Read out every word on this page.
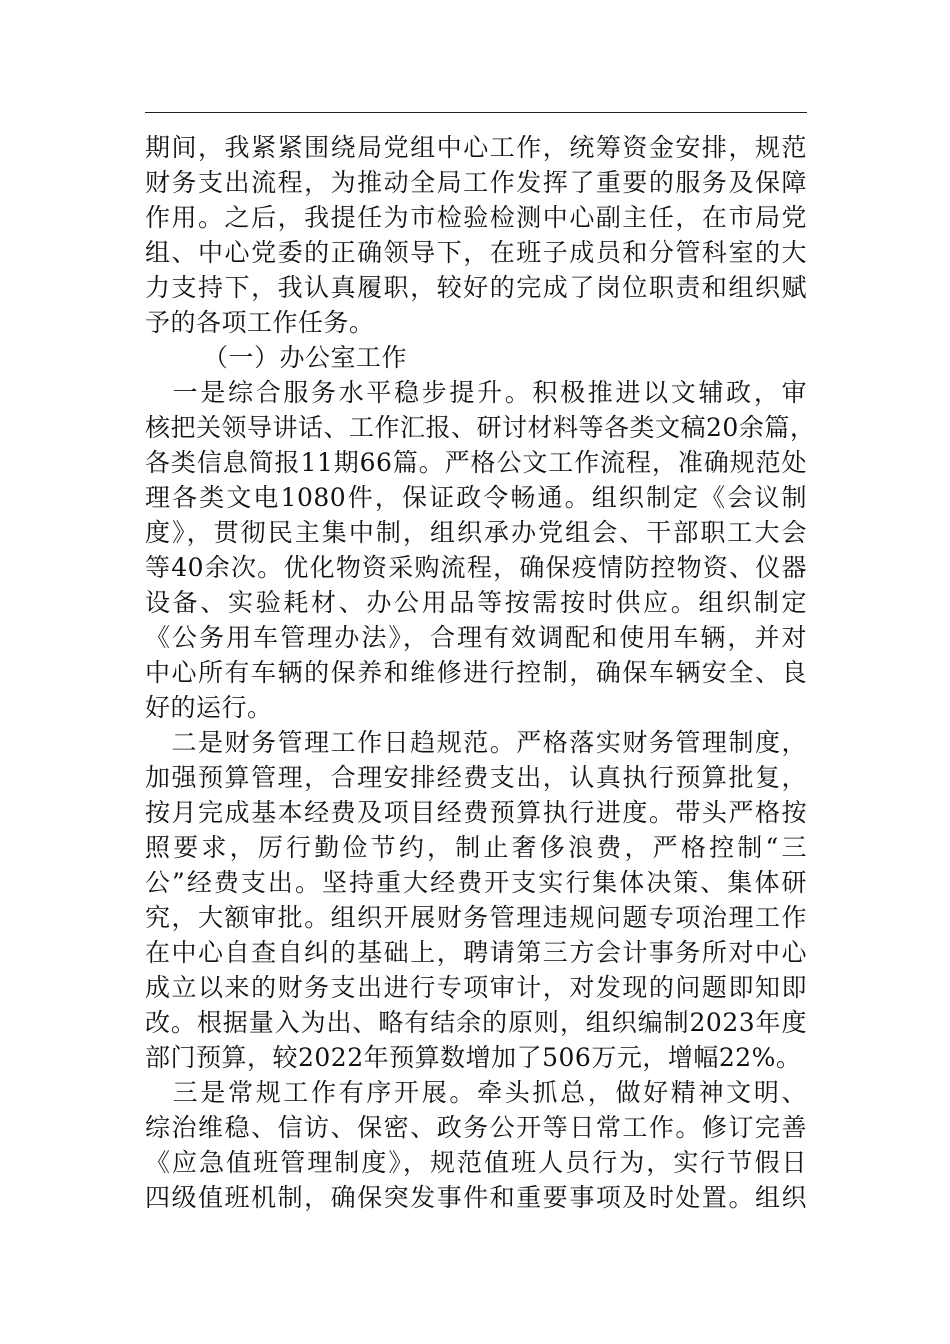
期间，我紧紧围绕局党组中心工作，统筹资金安排，规范
财务支出流程，为推动全局工作发挥了重要的服务及保障
作用。之后，我提任为市检验检测中心副主任，在市局党
组、中心党委的正确领导下，在班子成员和分管科室的大
力支持下，我认真履职，较好的完成了岗位职责和组织赋
予的各项工作任务。
（一）办公室工作
　一是综合服务水平稳步提升。积极推进以文辅政，审
核把关领导讲话、工作汇报、研讨材料等各类文稿20余篇，
各类信息简报11期66篇。严格公文工作流程，准确规范处
理各类文电1080件，保证政令畅通。组织制定《会议制
度》，贯彻民主集中制，组织承办党组会、干部职工大会
等40余次。优化物资采购流程，确保疫情防控物资、仪器
设备、实验耗材、办公用品等按需按时供应。组织制定
《公务用车管理办法》，合理有效调配和使用车辆，并对
中心所有车辆的保养和维修进行控制，确保车辆安全、良
好的运行。
　二是财务管理工作日趋规范。严格落实财务管理制度，
加强预算管理，合理安排经费支出，认真执行预算批复，
按月完成基本经费及项目经费预算执行进度。带头严格按
照要求，厉行勤俭节约，制止奢侈浪费，严格控制“三
公”经费支出。坚持重大经费开支实行集体决策、集体研
究，大额审批。组织开展财务管理违规问题专项治理工作
在中心自查自纠的基础上，聘请第三方会计事务所对中心
成立以来的财务支出进行专项审计，对发现的问题即知即
改。根据量入为出、略有结余的原则，组织编制2023年度
部门预算，较2022年预算数增加了506万元，增幅22%。
　三是常规工作有序开展。牵头抓总，做好精神文明、
综治维稳、信访、保密、政务公开等日常工作。修订完善
《应急值班管理制度》，规范值班人员行为，实行节假日
四级值班机制，确保突发事件和重要事项及时处置。组织
